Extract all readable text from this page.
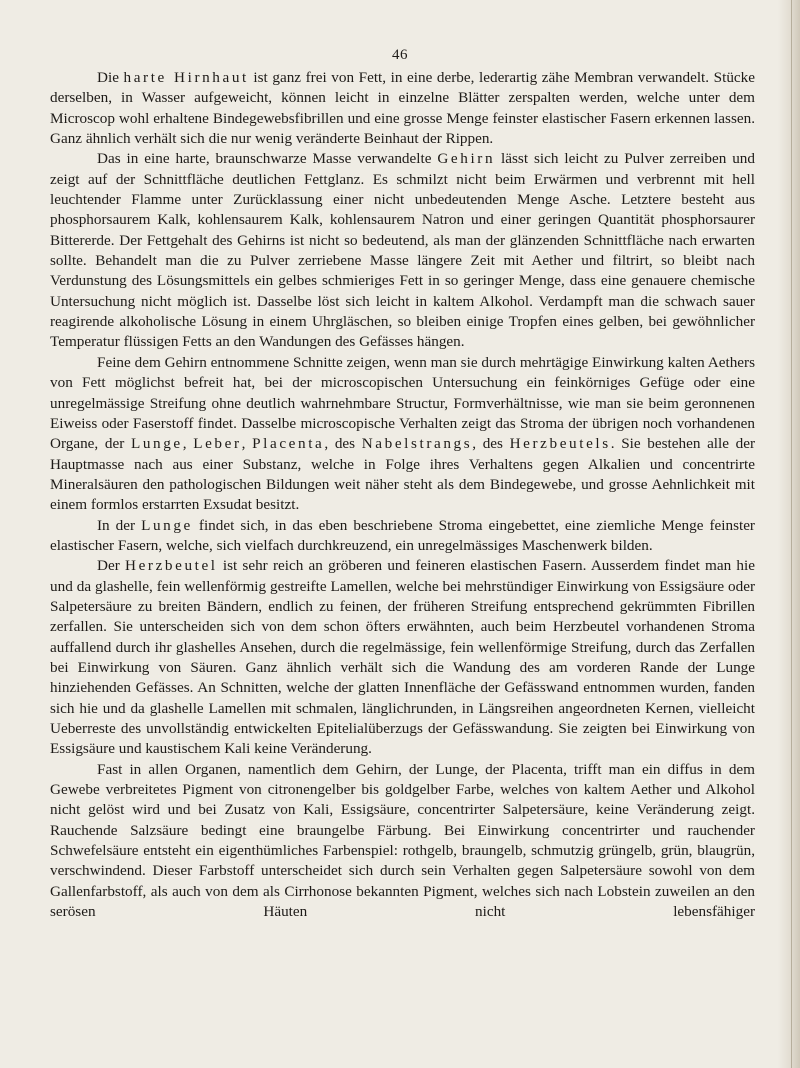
46

Die harte Hirnhaut ist ganz frei von Fett, in eine derbe, lederartig zähe Membran verwandelt. Stücke derselben, in Wasser aufgeweicht, können leicht in einzelne Blätter zerspalten werden, welche unter dem Microscop wohl erhaltene Bindegewebsfibrillen und eine grosse Menge feinster elastischer Fasern erkennen lassen. Ganz ähnlich verhält sich die nur wenig veränderte Beinhaut der Rippen.

Das in eine harte, braunschwarze Masse verwandelte Gehirn lässt sich leicht zu Pulver zerreiben und zeigt auf der Schnittfläche deutlichen Fettglanz. Es schmilzt nicht beim Erwärmen und verbrennt mit hell leuchtender Flamme unter Zurücklassung einer nicht unbedeutenden Menge Asche. Letztere besteht aus phosphorsaurem Kalk, kohlensaurem Kalk, kohlensaurem Natron und einer geringen Quantität phosphorsaurer Bittererde. Der Fettgehalt des Gehirns ist nicht so bedeutend, als man der glänzenden Schnittfläche nach erwarten sollte. Behandelt man die zu Pulver zerriebene Masse längere Zeit mit Aether und filtrirt, so bleibt nach Verdunstung des Lösungsmittels ein gelbes schmieriges Fett in so geringer Menge, dass eine genauere chemische Untersuchung nicht möglich ist. Dasselbe löst sich leicht in kaltem Alkohol. Verdampft man die schwach sauer reagirende alkoholische Lösung in einem Uhrgläschen, so bleiben einige Tropfen eines gelben, bei gewöhnlicher Temperatur flüssigen Fetts an den Wandungen des Gefässes hängen.

Feine dem Gehirn entnommene Schnitte zeigen, wenn man sie durch mehrtägige Einwirkung kalten Aethers von Fett möglichst befreit hat, bei der microscopischen Untersuchung ein feinkörniges Gefüge oder eine unregelmässige Streifung ohne deutlich wahrnehmbare Structur, Formverhältnisse, wie man sie beim geronnenen Eiweiss oder Faserstoff findet. Dasselbe microscopische Verhalten zeigt das Stroma der übrigen noch vorhandenen Organe, der Lunge, Leber, Placenta, des Nabelstrangs, des Herzbeutels. Sie bestehen alle der Hauptmasse nach aus einer Substanz, welche in Folge ihres Verhaltens gegen Alkalien und concentrirte Mineralsäuren den pathologischen Bildungen weit näher steht als dem Bindegewebe, und grosse Aehnlichkeit mit einem formlos erstarrten Exsudat besitzt.

In der Lunge findet sich, in das eben beschriebene Stroma eingebettet, eine ziemliche Menge feinster elastischer Fasern, welche, sich vielfach durchkreuzend, ein unregelmässiges Maschenwerk bilden.

Der Herzbeutel ist sehr reich an gröberen und feineren elastischen Fasern. Ausserdem findet man hie und da glashelle, fein wellenförmig gestreifte Lamellen, welche bei mehrstündiger Einwirkung von Essigsäure oder Salpetersäure zu breiten Bändern, endlich zu feinen, der früheren Streifung entsprechend gekrümmten Fibrillen zerfallen. Sie unterscheiden sich von dem schon öfters erwähnten, auch beim Herzbeutel vorhandenen Stroma auffallend durch ihr glashelles Ansehen, durch die regelmässige, fein wellenförmige Streifung, durch das Zerfallen bei Einwirkung von Säuren. Ganz ähnlich verhält sich die Wandung des am vorderen Rande der Lunge hinziehenden Gefässes. An Schnitten, welche der glatten Innenfläche der Gefässwand entnommen wurden, fanden sich hie und da glashelle Lamellen mit schmalen, länglichrunden, in Längsreihen angeordneten Kernen, vielleicht Ueberreste des unvollständig entwickelten Epitelialüberzugs der Gefässwandung. Sie zeigten bei Einwirkung von Essigsäure und kaustischem Kali keine Veränderung.

Fast in allen Organen, namentlich dem Gehirn, der Lunge, der Placenta, trifft man ein diffus in dem Gewebe verbreitetes Pigment von citronengelber bis goldgelber Farbe, welches von kaltem Aether und Alkohol nicht gelöst wird und bei Zusatz von Kali, Essigsäure, concentrirter Salpetersäure, keine Veränderung zeigt. Rauchende Salzsäure bedingt eine braungelbe Färbung. Bei Einwirkung concentrirter und rauchender Schwefelsäure entsteht ein eigenthümliches Farbenspiel: rothgelb, braungelb, schmutzig grüngelb, grün, blaugrün, verschwindend. Dieser Farbstoff unterscheidet sich durch sein Verhalten gegen Salpetersäure sowohl von dem Gallenfarbstoff, als auch von dem als Cirrhonose bekannten Pigment, welches sich nach Lobstein zuweilen an den serösen Häuten nicht lebensfähiger
